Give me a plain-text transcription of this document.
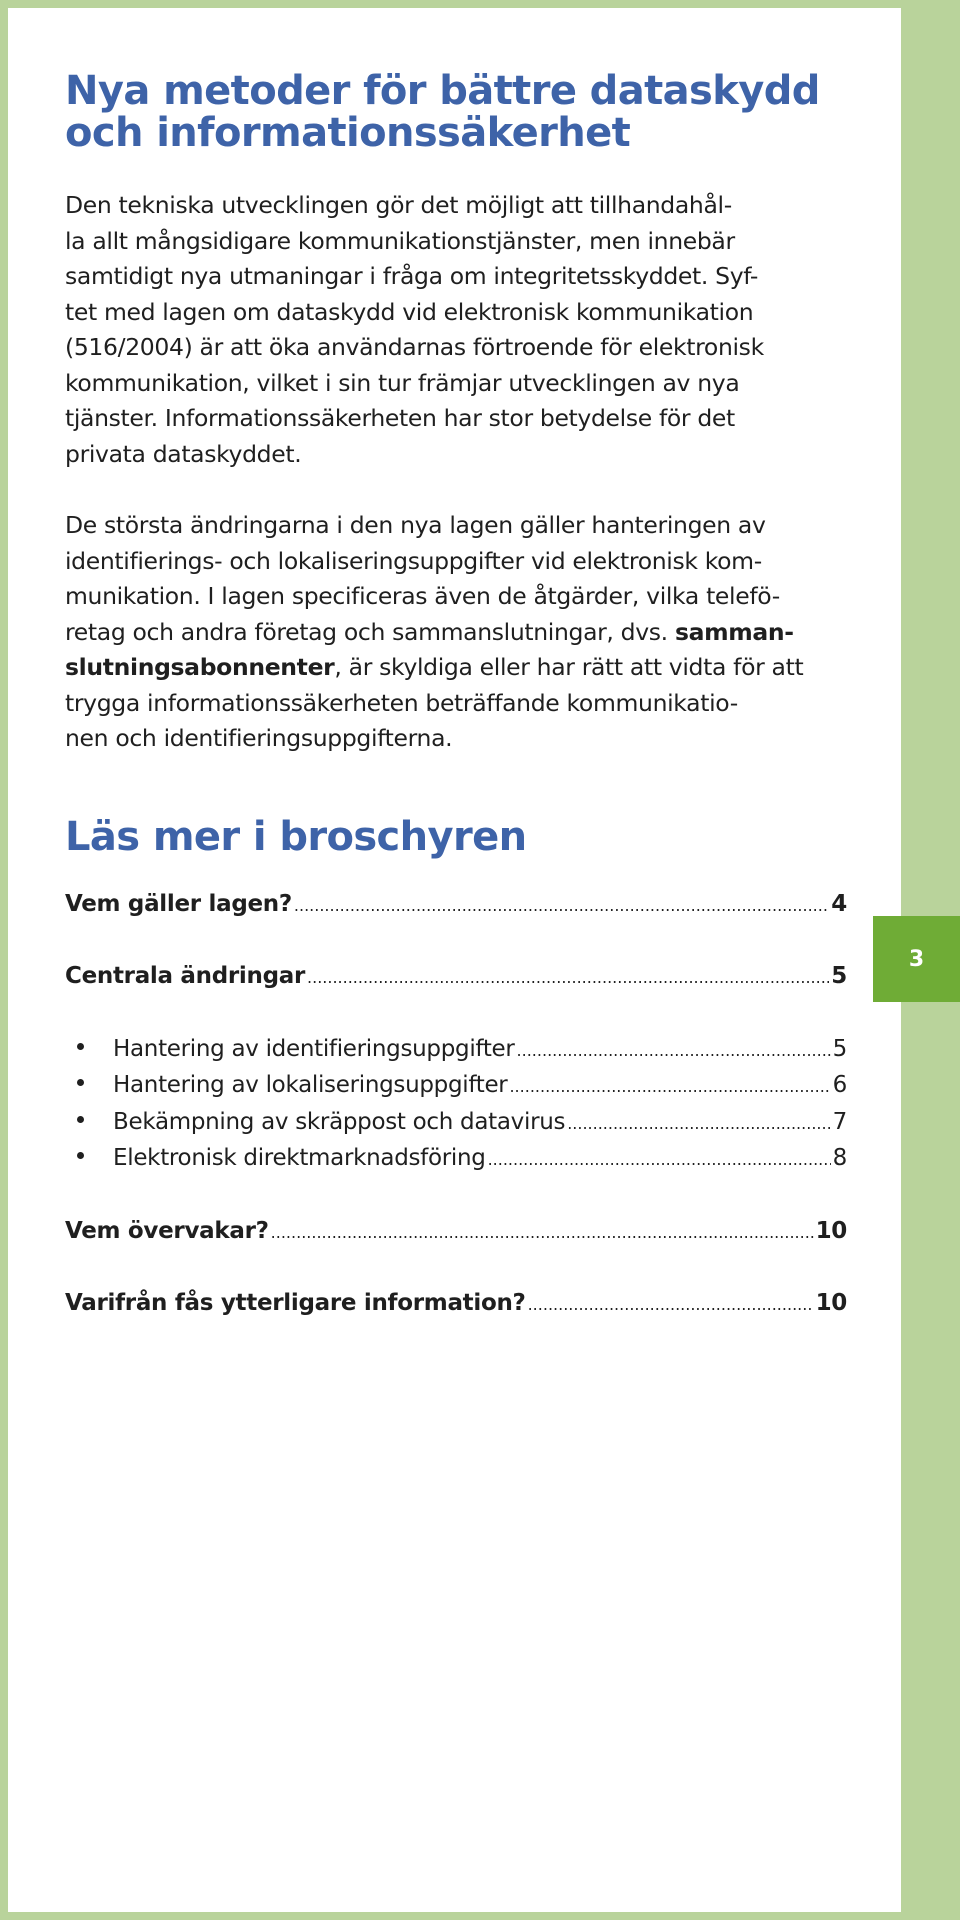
Nya metoder för bättre dataskydd
och informationssäkerhet

Den tekniska utvecklingen gör det möjligt att tillhandahål-
la allt mångsidigare kommunikationstjänster, men innebär
samtidigt nya utmaningar i fråga om integritetsskyddet. Syf-
tet med lagen om dataskydd vid elektronisk kommunikation
(516/2004) är att öka användarnas förtroende för elektronisk
kommunikation, vilket i sin tur främjar utvecklingen av nya
tjänster. Informationssäkerheten har stor betydelse för det
privata dataskyddet.

De största ändringarna i den nya lagen gäller hanteringen av
identifierings- och lokaliseringsuppgifter vid elektronisk kom-
munikation. I lagen specificeras även de åtgärder, vilka telefö-
retag och andra företag och sammanslutningar, dvs. samman-
slutningsabonnenter, är skyldiga eller har rätt att vidta för att
trygga informationssäkerheten beträffande kommunikatio-
nen och identifieringsuppgifterna.

Läs mer i broschyren
Vem gäller lagen? .....	4
Centrala ändringar .....	5
Hantering av identifieringsuppgifter .....	5
Hantering av lokaliseringsuppgifter .....	6
Bekämpning av skräppost och datavirus .....	7
Elektronisk direktmarknadsföring .....	8
Vem övervakar? .....	10
Varifrån fås ytterligare information? .....	10
3
